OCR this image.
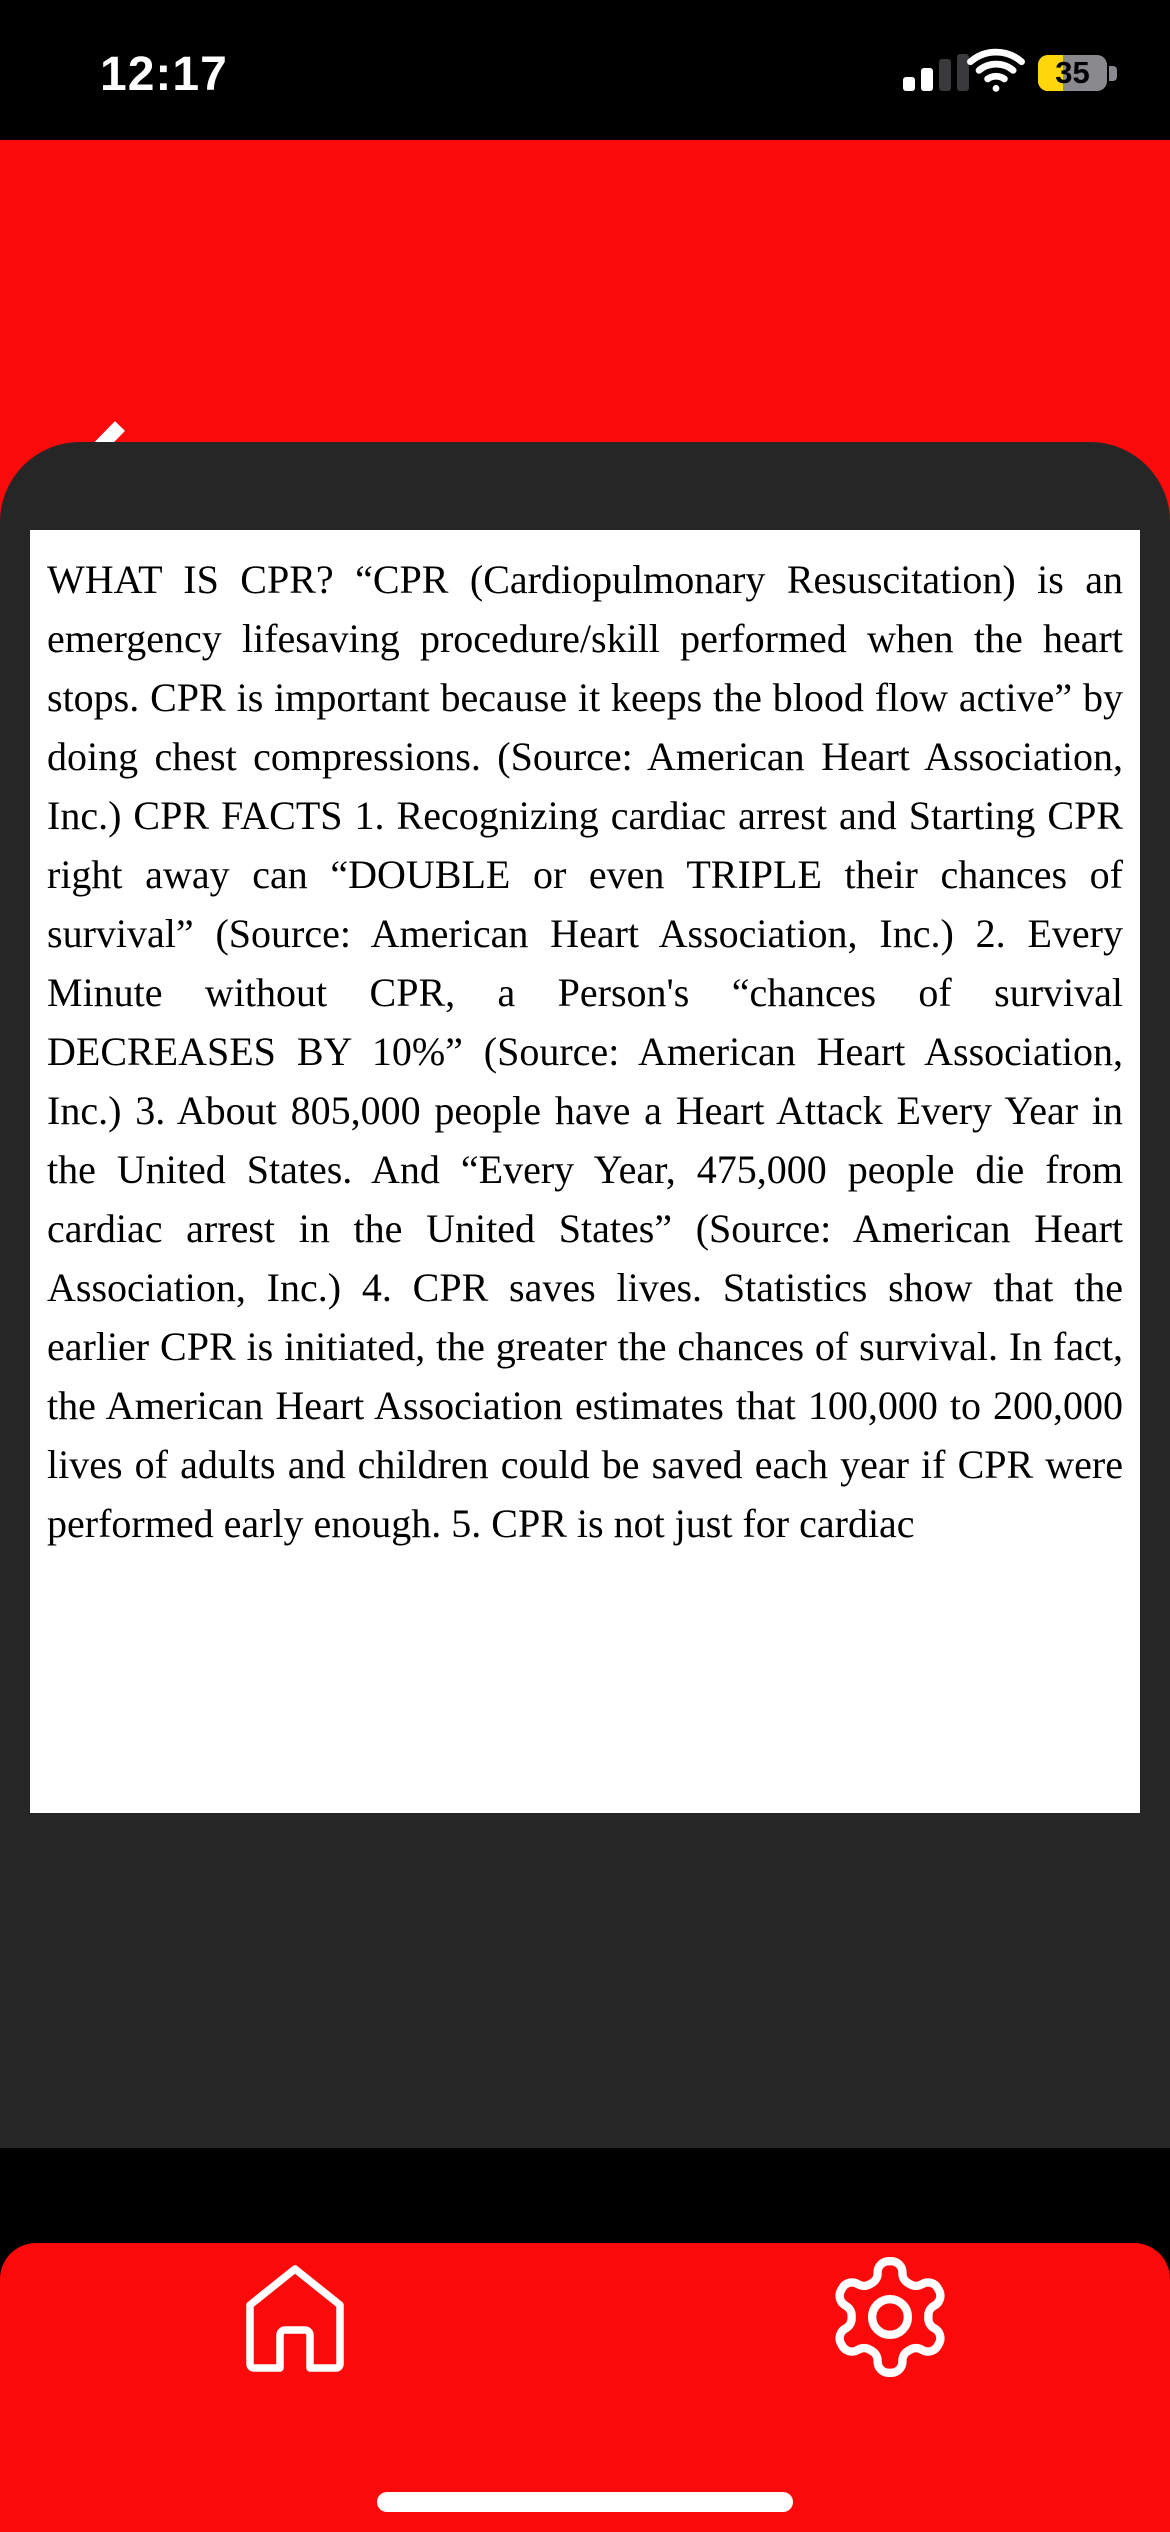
12:17	35

WHAT IS CPR? “CPR (Cardiopulmonary Resuscitation) is an emergency lifesaving procedure/skill performed when the heart stops. CPR is important because it keeps the blood flow active” by doing chest compressions. (Source: American Heart Association, Inc.) CPR FACTS 1. Recognizing cardiac arrest and Starting CPR right away can “DOUBLE or even TRIPLE their chances of survival” (Source: American Heart Association, Inc.) 2. Every Minute without CPR, a Person's “chances of survival DECREASES BY 10%” (Source: American Heart Association, Inc.) 3. About 805,000 people have a Heart Attack Every Year in the United States. And “Every Year, 475,000 people die from cardiac arrest in the United States” (Source: American Heart Association, Inc.) 4. CPR saves lives. Statistics show that the earlier CPR is initiated, the greater the chances of survival. In fact, the American Heart Association estimates that 100,000 to 200,000 lives of adults and children could be saved each year if CPR were performed early enough. 5. CPR is not just for cardiac
